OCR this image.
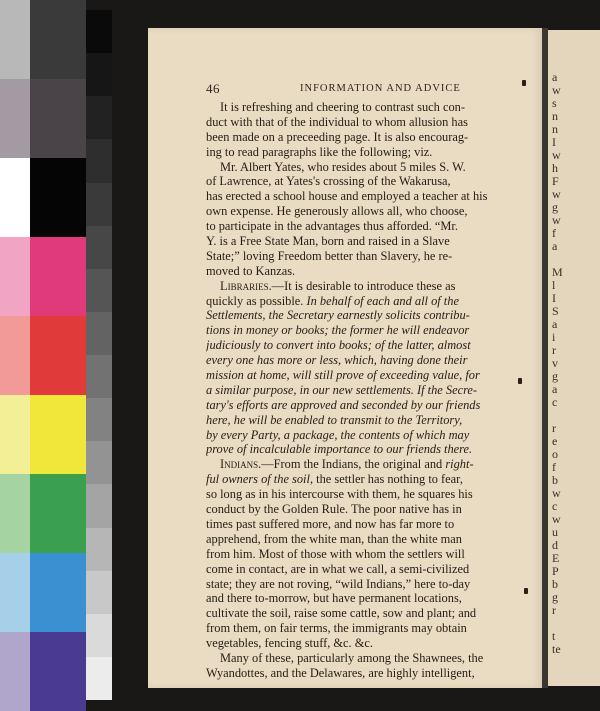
46	INFORMATION AND ADVICE
It is refreshing and cheering to contrast such con-
duct with that of the individual to whom allusion has
been made on a preceeding page. It is also encourag-
ing to read paragraphs like the following; viz.
Mr. Albert Yates, who resides about 5 miles S. W.
of Lawrence, at Yates's crossing of the Wakarusa,
has erected a school house and employed a teacher at his
own expense. He generously allows all, who choose,
to participate in the advantages thus afforded. “Mr.
Y. is a Free State Man, born and raised in a Slave
State;” loving Freedom better than Slavery, he re-
moved to Kanzas.
Libraries.—It is desirable to introduce these as
quickly as possible. In behalf of each and all of the
Settlements, the Secretary earnestly solicits contribu-
tions in money or books; the former he will endeavor
judiciously to convert into books; of the latter, almost
every one has more or less, which, having done their
mission at home, will still prove of exceeding value, for
a similar purpose, in our new settlements. If the Secre-
tary's efforts are approved and seconded by our friends
here, he will be enabled to transmit to the Territory,
by every Party, a package, the contents of which may
prove of incalculable importance to our friends there.
Indians.—From the Indians, the original and right-
ful owners of the soil, the settler has nothing to fear,
so long as in his intercourse with them, he squares his
conduct by the Golden Rule. The poor native has in
times past suffered more, and now has far more to
apprehend, from the white man, than the white man
from him. Most of those with whom the settlers will
come in contact, are in what we call, a semi-civilized
state; they are not roving, “wild Indians,” here to-day
and there to-morrow, but have permanent locations,
cultivate the soil, raise some cattle, sow and plant; and
from them, on fair terms, the immigrants may obtain
vegetables, fencing stuff, &c. &c.
Many of these, particularly among the Shawnees, the
Wyandottes, and the Delawares, are highly intelligent,
a
w
s
n
n
I
w
h
F
w
g
w
f
a
M
l
I
S
a
i
r
v
g
a
c
r
e
o
f
b
w
c
w
u
d
E
P
b
g
r
t
te
